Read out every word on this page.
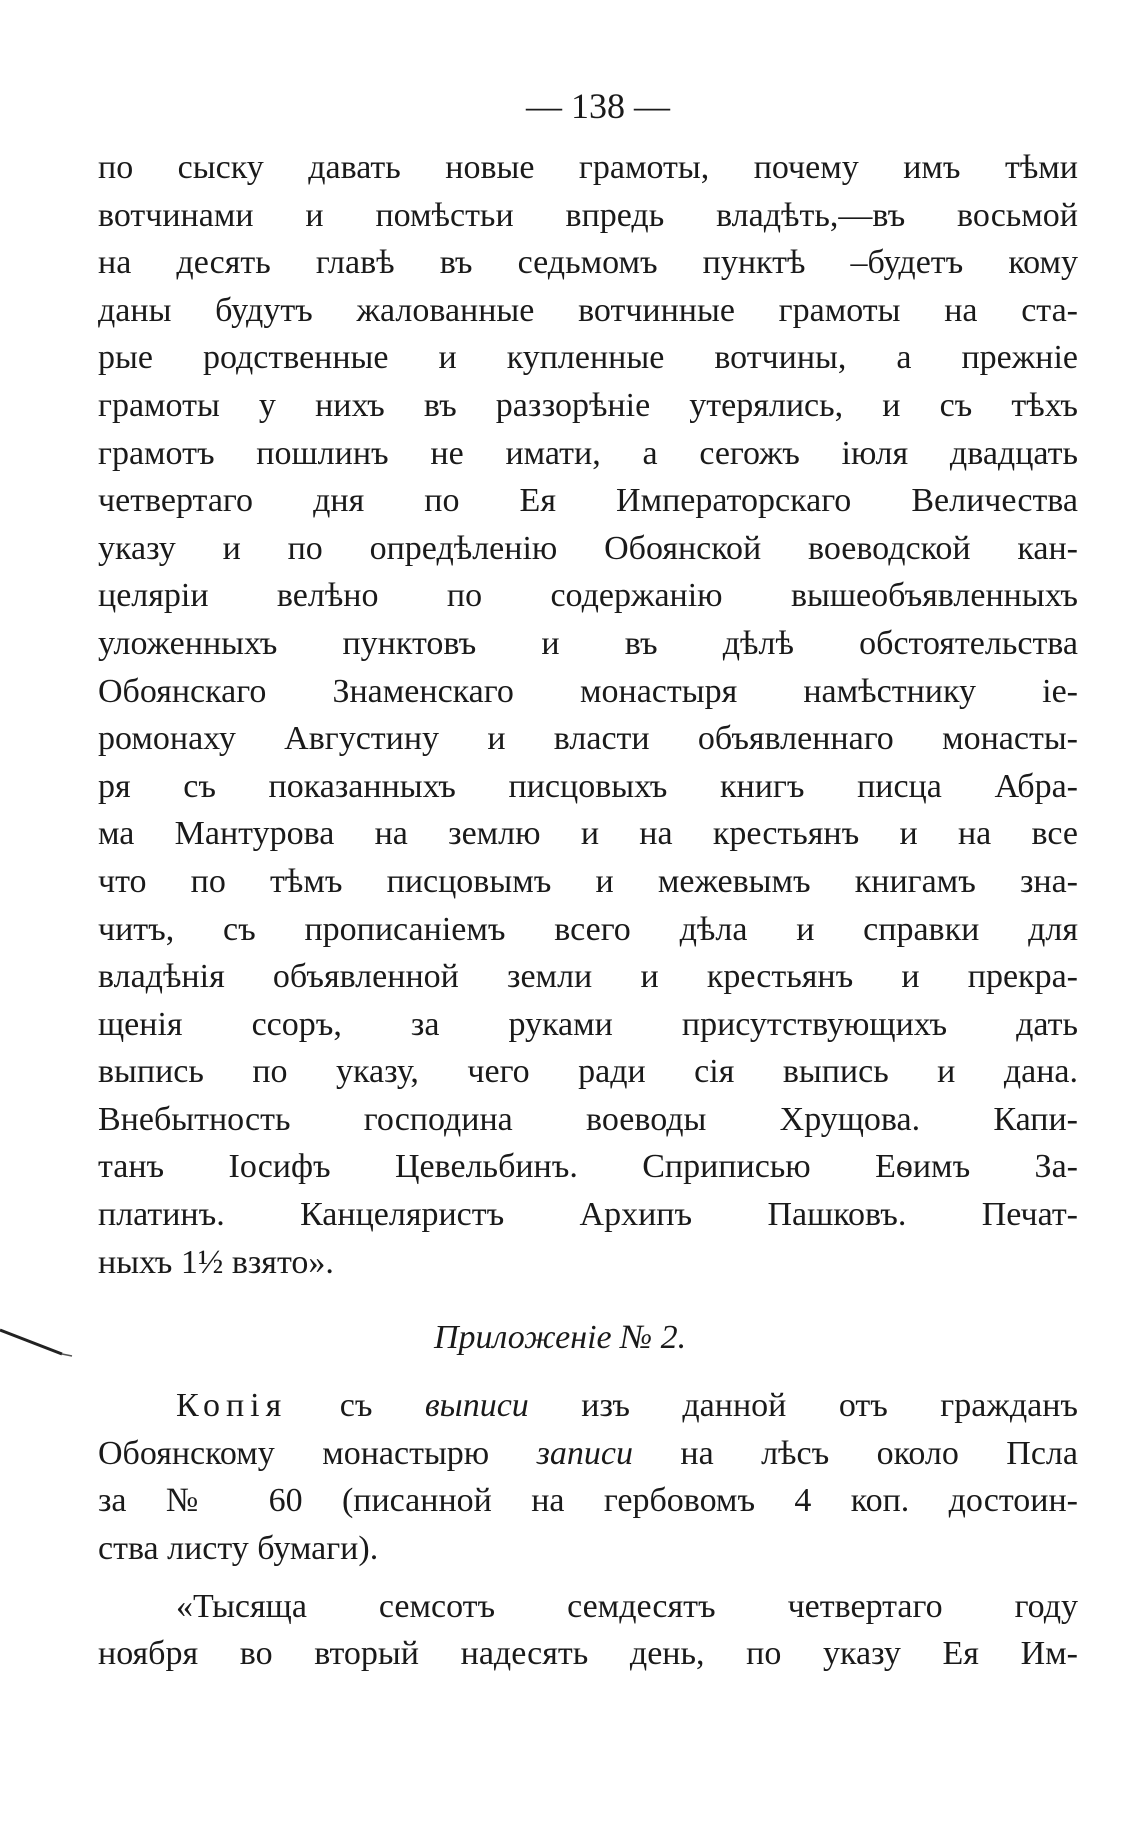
— 138 —
по сыску давать новые грамоты, почему имъ тѣми
вотчинами и помѣстьи впредь владѣть,—въ восьмой
на десять главѣ въ седьмомъ пунктѣ –будетъ кому
даны будутъ жалованные вотчинные грамоты на ста-
рые родственные и купленные вотчины, а прежніе
грамоты у нихъ въ раззорѣніе утерялись, и съ тѣхъ
грамотъ пошлинъ не имати, а сегожъ іюля двадцать
четвертаго дня по Ея Императорскаго Величества
указу и по опредѣленію Обоянской воеводской кан-
целяріи велѣно по содержанію вышеобъявленныхъ
уложенныхъ пунктовъ и въ дѣлѣ обстоятельства
Обоянскаго Знаменскаго монастыря намѣстнику іе-
ромонаху Августину и власти объявленнаго монасты-
ря съ показанныхъ писцовыхъ книгъ писца Абра-
ма Мантурова на землю и на крестьянъ и на все
что по тѣмъ писцовымъ и межевымъ книгамъ зна-
читъ, съ прописаніемъ всего дѣла и справки для
владѣнія объявленной земли и крестьянъ и прекра-
щенія ссоръ, за руками присутствующихъ дать
выпись по указу, чего ради сія выпись и дана.
Внебытность господина воеводы Хрущова. Капи-
танъ Іосифъ Цевельбинъ. Сприписью Еѳимъ За-
платинъ. Канцеляристъ Архипъ Пашковъ. Печат-
ныхъ 1½ взято».
Приложеніе № 2.
Копія съ выписи изъ данной отъ гражданъ
Обоянскому монастырю записи на лѣсъ около Псла
за № 60 (писанной на гербовомъ 4 коп. достоин-
ства листу бумаги).
«Тысяща семсотъ семдесятъ четвертаго году
ноября во вторый надесять день, по указу Ея Им-
